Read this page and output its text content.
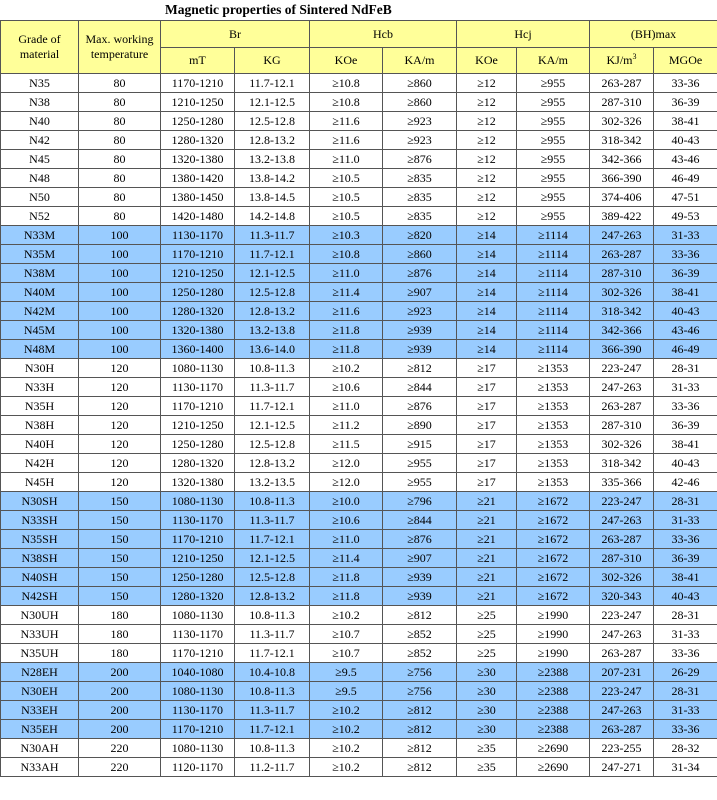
Magnetic properties of Sintered NdFeB
Grade of material	Max. working temperature	Br		Hcb		Hcj		(BH)max	
		mT	KG	KOe	KA/m	KOe	KA/m	$KJ/m^3$	MGOe
N35	80	1170-1210	11.7-12.1	≥10.8	≥860	≥12	≥955	263-287	33-36
N38	80	1210-1250	12.1-12.5	≥10.8	≥860	≥12	≥955	287-310	36-39
N40	80	1250-1280	12.5-12.8	≥11.6	≥923	≥12	≥955	302-326	38-41
N42	80	1280-1320	12.8-13.2	≥11.6	≥923	≥12	≥955	318-342	40-43
N45	80	1320-1380	13.2-13.8	≥11.0	≥876	≥12	≥955	342-366	43-46
N48	80	1380-1420	13.8-14.2	≥10.5	≥835	≥12	≥955	366-390	46-49
N50	80	1380-1450	13.8-14.5	≥10.5	≥835	≥12	≥955	374-406	47-51
N52	80	1420-1480	14.2-14.8	≥10.5	≥835	≥12	≥955	389-422	49-53
N33M	100	1130-1170	11.3-11.7	≥10.3	≥820	≥14	≥1114	247-263	31-33
N35M	100	1170-1210	11.7-12.1	≥10.8	≥860	≥14	≥1114	263-287	33-36
N38M	100	1210-1250	12.1-12.5	≥11.0	≥876	≥14	≥1114	287-310	36-39
N40M	100	1250-1280	12.5-12.8	≥11.4	≥907	≥14	≥1114	302-326	38-41
N42M	100	1280-1320	12.8-13.2	≥11.6	≥923	≥14	≥1114	318-342	40-43
N45M	100	1320-1380	13.2-13.8	≥11.8	≥939	≥14	≥1114	342-366	43-46
N48M	100	1360-1400	13.6-14.0	≥11.8	≥939	≥14	≥1114	366-390	46-49
N30H	120	1080-1130	10.8-11.3	≥10.2	≥812	≥17	≥1353	223-247	28-31
N33H	120	1130-1170	11.3-11.7	≥10.6	≥844	≥17	≥1353	247-263	31-33
N35H	120	1170-1210	11.7-12.1	≥11.0	≥876	≥17	≥1353	263-287	33-36
N38H	120	1210-1250	12.1-12.5	≥11.2	≥890	≥17	≥1353	287-310	36-39
N40H	120	1250-1280	12.5-12.8	≥11.5	≥915	≥17	≥1353	302-326	38-41
N42H	120	1280-1320	12.8-13.2	≥12.0	≥955	≥17	≥1353	318-342	40-43
N45H	120	1320-1380	13.2-13.5	≥12.0	≥955	≥17	≥1353	335-366	42-46
N30SH	150	1080-1130	10.8-11.3	≥10.0	≥796	≥21	≥1672	223-247	28-31
N33SH	150	1130-1170	11.3-11.7	≥10.6	≥844	≥21	≥1672	247-263	31-33
N35SH	150	1170-1210	11.7-12.1	≥11.0	≥876	≥21	≥1672	263-287	33-36
N38SH	150	1210-1250	12.1-12.5	≥11.4	≥907	≥21	≥1672	287-310	36-39
N40SH	150	1250-1280	12.5-12.8	≥11.8	≥939	≥21	≥1672	302-326	38-41
N42SH	150	1280-1320	12.8-13.2	≥11.8	≥939	≥21	≥1672	320-343	40-43
N30UH	180	1080-1130	10.8-11.3	≥10.2	≥812	≥25	≥1990	223-247	28-31
N33UH	180	1130-1170	11.3-11.7	≥10.7	≥852	≥25	≥1990	247-263	31-33
N35UH	180	1170-1210	11.7-12.1	≥10.7	≥852	≥25	≥1990	263-287	33-36
N28EH	200	1040-1080	10.4-10.8	≥9.5	≥756	≥30	≥2388	207-231	26-29
N30EH	200	1080-1130	10.8-11.3	≥9.5	≥756	≥30	≥2388	223-247	28-31
N33EH	200	1130-1170	11.3-11.7	≥10.2	≥812	≥30	≥2388	247-263	31-33
N35EH	200	1170-1210	11.7-12.1	≥10.2	≥812	≥30	≥2388	263-287	33-36
N30AH	220	1080-1130	10.8-11.3	≥10.2	≥812	≥35	≥2690	223-255	28-32
N33AH	220	1120-1170	11.2-11.7	≥10.2	≥812	≥35	≥2690	247-271	31-34
